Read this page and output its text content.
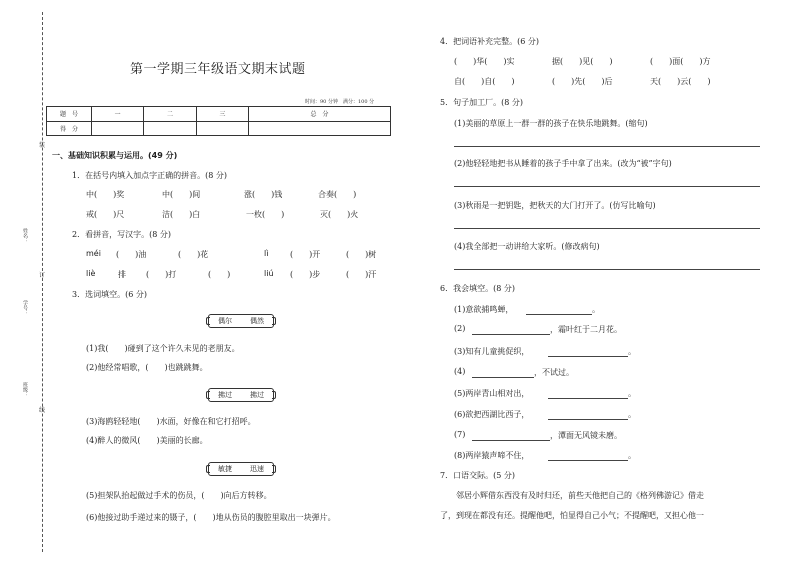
姓名：
学号：
班级：
装
订
线
第一学期三年级语文期末试题
时间：90 分钟　满分：100 分
题　号	一	二	三	总　分
得　分				
一、基础知识积累与运用。(49 分)
1．在括号内填入加点字正确的拼音。(8 分)
中(　　)奖	中(　　)间	涨(　　)钱	合奏(　　)
戒(　　)尺	洁(　　)白	一枚(　　)	灭(　　)火
2．看拼音，写汉字。(8 分)
méi (　　)油	(　　)花	lì	(　　)开	(　　)树
liè	排	(　　)打	(　　)	liú (　　)步	(　　)汗
3．选词填空。(6 分)
偶尔	偶然
(1)我(　　)碰到了这个许久未见的老朋友。
(2)他经常唱歌，(　　)也跳跳舞。
拂过	拂过
(3)海鸥轻轻地(　　)水面，好像在和它打招呼。
(4)醉人的微风(　　)美丽的长廊。
敏捷	迅速
(5)担架队抬起做过手术的伤员，(　　)向后方转移。
(6)他接过助手递过来的镊子，(　　)地从伤员的腹腔里取出一块弹片。
4．把词语补充完整。(6 分)
(　　)华(　　)实	据(　　)见(　　)	(　　)面(　　)方
自(　　)自(　　)	(　　)先(　　)后	天(　　)云(　　)
5．句子加工厂。(8 分)
(1)美丽的草原上一群一群的孩子在快乐地跳舞。(缩句)
(2)他轻轻地把书从睡着的孩子手中拿了出来。(改为“被”字句)
(3)秋雨是一把钥匙，把秋天的大门打开了。(仿写比喻句)
(4)我全部把一动讲给大家听。(修改病句)
6．我会填空。(8 分)
(1)意欲捕鸣蝉，	。
(2)	，霜叶红于二月花。
(3)知有儿童挑促织，	。
(4)	，不试过。
(5)两岸青山相对出，	。
(6)欲把西湖比西子，	。
(7)	，潭面无风镜未磨。
(8)两岸猿声啼不住，	。
7．口语交际。(5 分)
邻居小辉借东西没有及时归还，前些天他把自己的《格列佛游记》借走
了，到现在都没有还。提醒他吧，怕显得自己小气；不提醒吧，又担心他一
